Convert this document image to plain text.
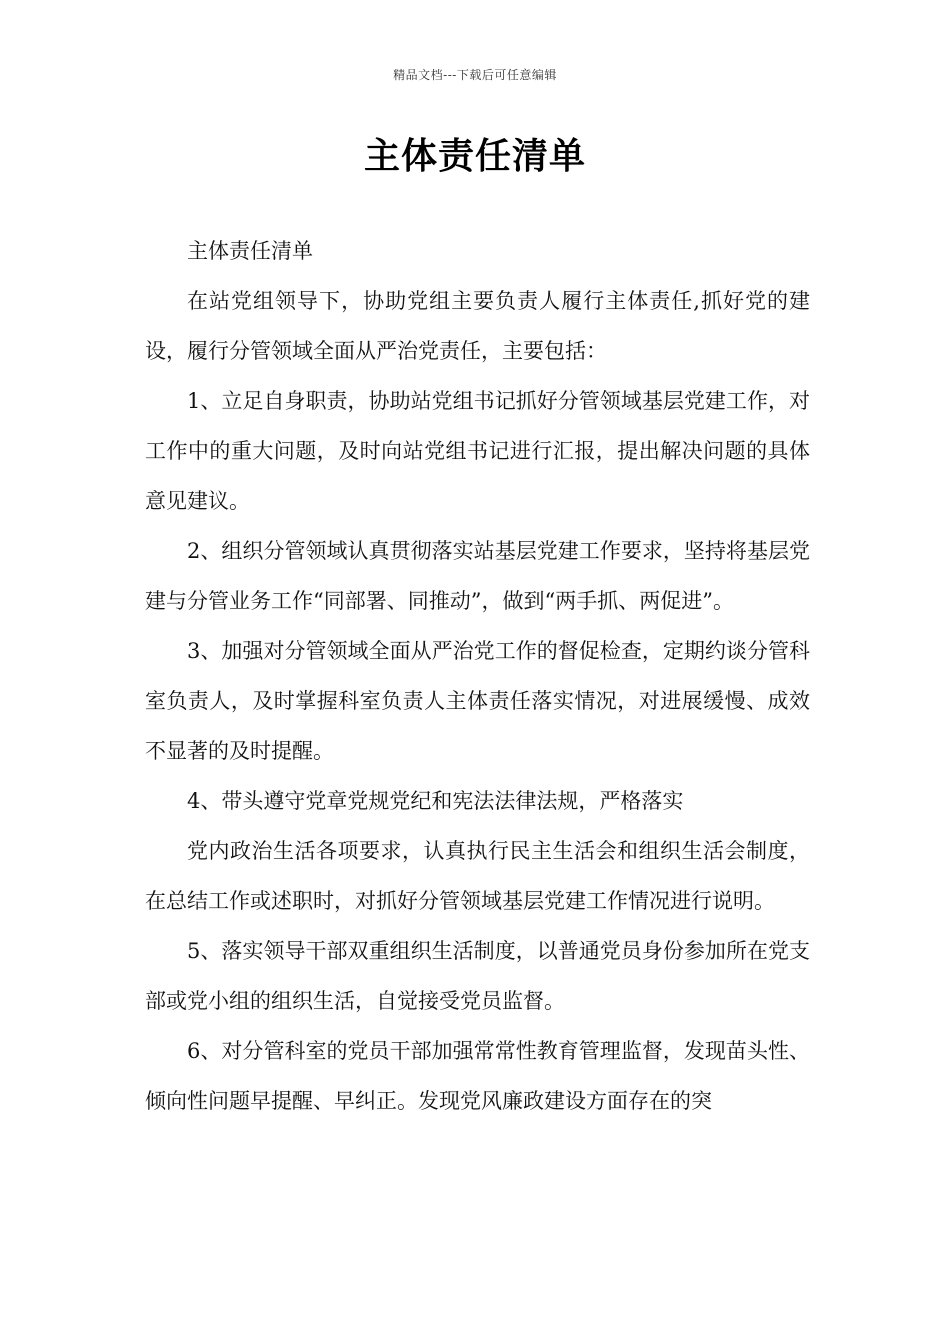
精品文档---下载后可任意编辑
主体责任清单

主体责任清单

在站党组领导下，协助党组主要负责人履行主体责任,抓好党的建设，履行分管领域全面从严治党责任，主要包括：

1、立足自身职责，协助站党组书记抓好分管领域基层党建工作，对工作中的重大问题，及时向站党组书记进行汇报，提出解决问题的具体意见建议。

2、组织分管领域认真贯彻落实站基层党建工作要求，坚持将基层党建与分管业务工作“同部署、同推动”，做到“两手抓、两促进”。

3、加强对分管领域全面从严治党工作的督促检查，定期约谈分管科室负责人，及时掌握科室负责人主体责任落实情况，对进展缓慢、成效不显著的及时提醒。

4、带头遵守党章党规党纪和宪法法律法规，严格落实

党内政治生活各项要求，认真执行民主生活会和组织生活会制度，在总结工作或述职时，对抓好分管领域基层党建工作情况进行说明。

5、落实领导干部双重组织生活制度，以普通党员身份参加所在党支部或党小组的组织生活，自觉接受党员监督。

6、对分管科室的党员干部加强常常性教育管理监督，发现苗头性、倾向性问题早提醒、早纠正。发现党风廉政建设方面存在的突
